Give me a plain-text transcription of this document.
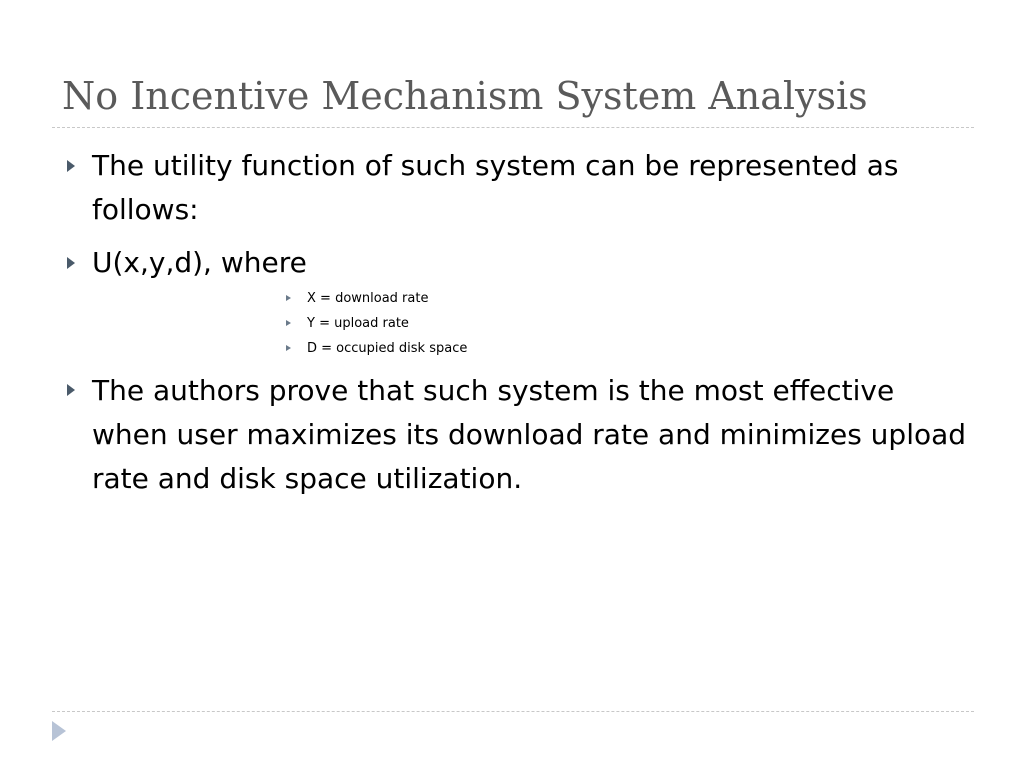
No Incentive Mechanism System Analysis
The utility function of such system can be represented as follows:
U(x,y,d), where
X = download rate
Y = upload rate
D = occupied disk space
The authors prove that such system is the most effective when user maximizes its download rate and minimizes upload rate and disk space utilization.
